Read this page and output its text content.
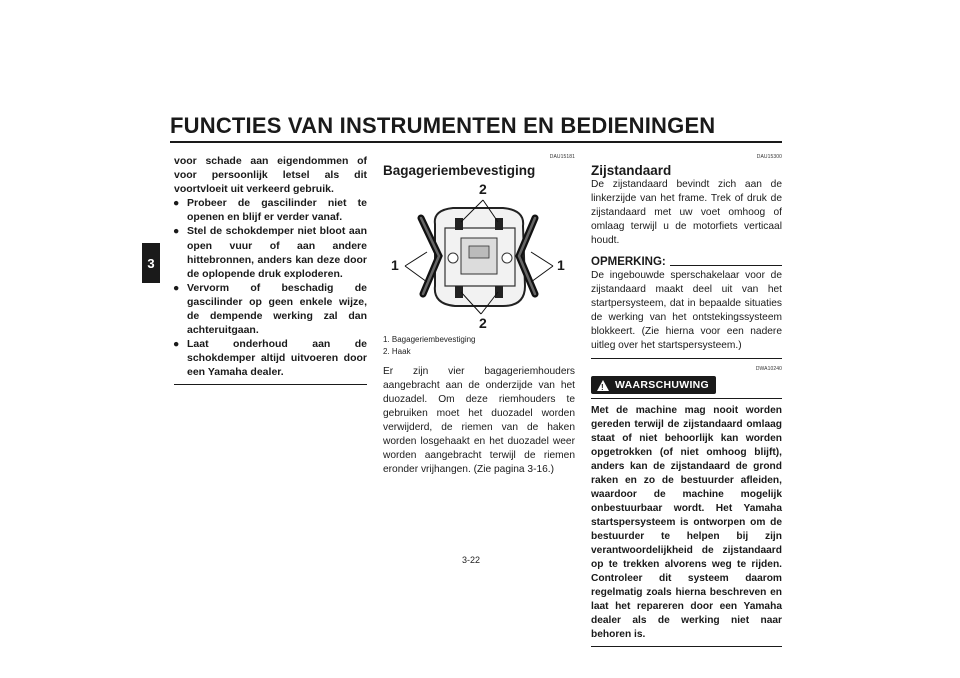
FUNCTIES VAN INSTRUMENTEN EN BEDIENINGEN
3

voor schade aan eigendommen of voor persoonlijk letsel als dit voortvloeit uit verkeerd gebruik.

● Probeer de gascilinder niet te openen en blijf er verder vanaf.
● Stel de schokdemper niet bloot aan open vuur of aan andere hittebronnen, anders kan deze door de oplopende druk exploderen.
● Vervorm of beschadig de gascilinder op geen enkele wijze, de dempende werking zal dan achteruitgaan.
● Laat onderhoud aan de schokdemper altijd uitvoeren door een Yamaha dealer.
DAU15181
Bagageriembevestiging
2
2
1	1
1. Bagageriembevestiging
2. Haak

Er zijn vier bagageriemhouders aangebracht aan de onderzijde van het duozadel. Om deze riemhouders te gebruiken moet het duozadel worden verwijderd, de riemen van de haken worden losgehaakt en het duozadel weer worden aangebracht terwijl de riemen eronder vrijhangen. (Zie pagina 3-16.)

DAU15300
Zijstandaard

De zijstandaard bevindt zich aan de linkerzijde van het frame. Trek of druk de zijstandaard met uw voet omhoog of omlaag terwijl u de motorfiets verticaal houdt.

OPMERKING:

De ingebouwde sperschakelaar voor de zijstandaard maakt deel uit van het startpersysteem, dat in bepaalde situaties de werking van het ontstekingssysteem blokkeert. (Zie hierna voor een nadere uitleg over het startspersysteem.)

DWA10240
! WAARSCHUWING

Met de machine mag nooit worden gereden terwijl de zijstandaard omlaag staat of niet behoorlijk kan worden opgetrokken (of niet omhoog blijft), anders kan de zijstandaard de grond raken en zo de bestuurder afleiden, waardoor de machine mogelijk onbestuurbaar wordt. Het Yamaha startspersysteem is ontworpen om de bestuurder te helpen bij zijn verantwoordelijkheid de zijstandaard op te trekken alvorens weg te rijden. Controleer dit systeem daarom regelmatig zoals hierna beschreven en laat het repareren door een Yamaha dealer als de werking niet naar behoren is.

3-22
